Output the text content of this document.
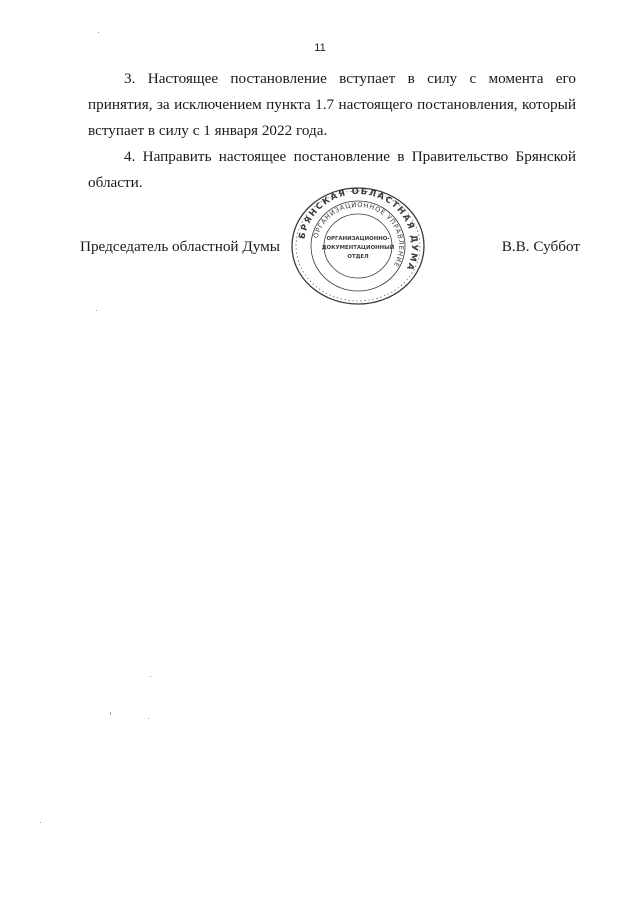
11

3. Настоящее постановление вступает в силу с момента его принятия, за исключением пункта 1.7 настоящего постановления, который вступает в силу с 1 января 2022 года.

4. Направить настоящее постановление в Правительство Брянской области.

Председатель областной Думы	В.В. Суббот
БРЯНСКАЯ ОБЛАСТНАЯ ДУМА
ОРГАНИЗАЦИОННОЕ УПРАВЛЕНИЕ
ОРГАНИЗАЦИОННО-
ДОКУМЕНТАЦИОННЫЙ
ОТДЕЛ
